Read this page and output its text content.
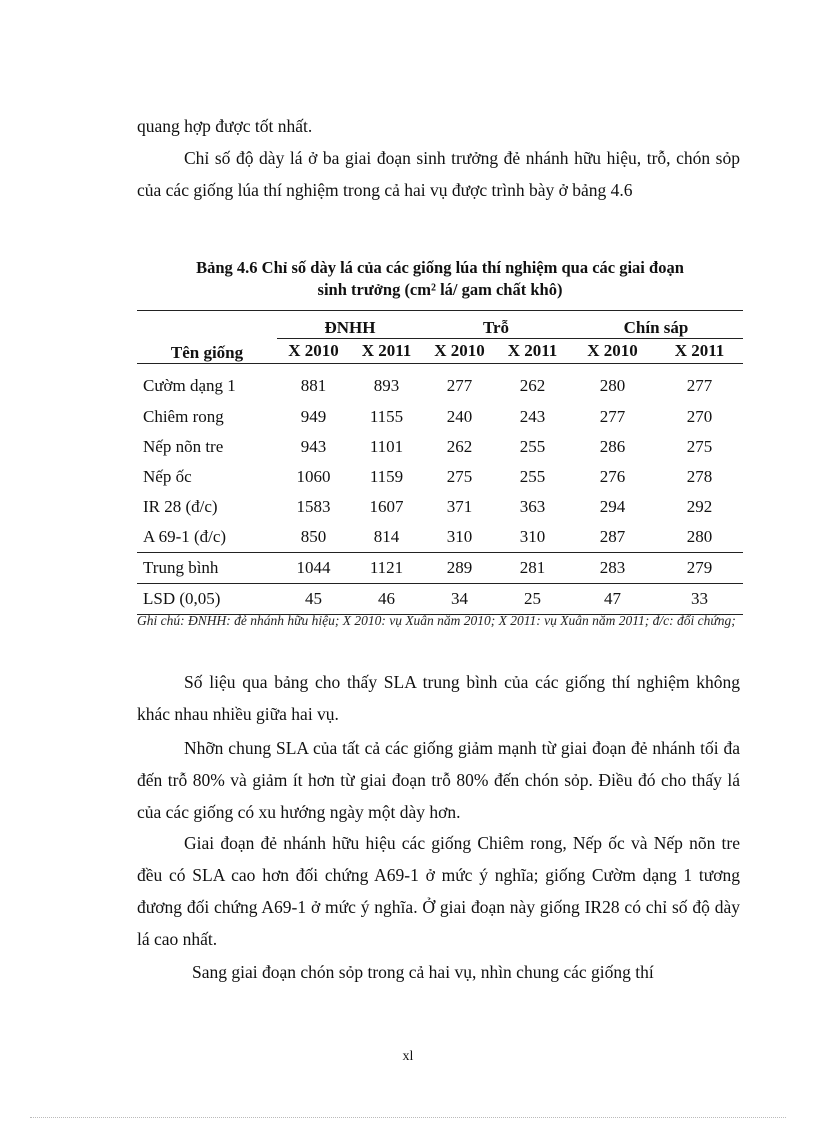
quang hợp được tốt nhất.

Chỉ số độ dày lá ở ba giai đoạn sinh trưởng đẻ nhánh hữu hiệu, trỗ, chón sỏp của các giống lúa thí nghiệm trong cả hai vụ được trình bày ở bảng 4.6

Bảng 4.6 Chỉ số dày lá của các giống lúa thí nghiệm qua các giai đoạn
sinh trưởng (cm² lá/ gam chất khô)
Tên giống	ĐNHH		Trỗ		Chín sáp	
	X 2010	X 2011	X 2010	X 2011	X 2010	X 2011
Cườm dạng 1	881	893	277	262	280	277
Chiêm rong	949	1155	240	243	277	270
Nếp nõn tre	943	1101	262	255	286	275
Nếp ốc	1060	1159	275	255	276	278
IR 28 (đ/c)	1583	1607	371	363	294	292
A 69-1 (đ/c)	850	814	310	310	287	280
Trung bình	1044	1121	289	281	283	279
LSD (0,05)	45	46	34	25	47	33

Ghi chú: ĐNHH: đẻ nhánh hữu hiệu; X 2010: vụ Xuân năm 2010; X 2011: vụ Xuân năm 2011; đ/c: đối chứng;

Số liệu qua bảng cho thấy SLA trung bình của các giống thí nghiệm không khác nhau nhiều giữa hai vụ.

Nhỡn chung SLA của tất cả các giống giảm mạnh từ giai đoạn đẻ nhánh tối đa đến trỗ 80% và giảm ít hơn từ giai đoạn trỗ 80% đến chón sỏp. Điều đó cho thấy lá của các giống có xu hướng ngày một dày hơn.

Giai đoạn đẻ nhánh hữu hiệu các giống Chiêm rong, Nếp ốc và Nếp nõn tre đều có SLA cao hơn đối chứng A69-1 ở mức ý nghĩa; giống Cườm dạng 1 tương đương đối chứng A69-1 ở mức ý nghĩa. Ở giai đoạn này giống IR28 có chỉ số độ dày lá cao nhất.

Sang giai đoạn chón sỏp trong cả hai vụ, nhìn chung các giống thí

xl
